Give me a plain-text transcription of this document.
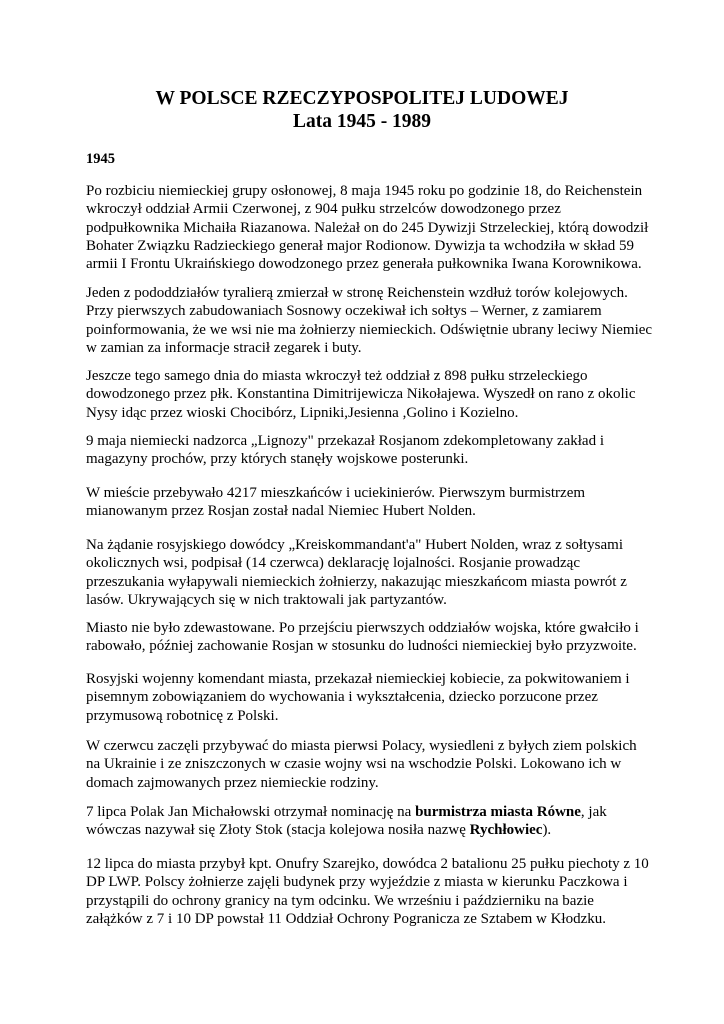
W POLSCE RZECZYPOSPOLITEJ LUDOWEJ
Lata 1945 - 1989
1945

Po rozbiciu niemieckiej grupy osłonowej, 8 maja 1945 roku po godzinie 18, do Reichenstein
wkroczył oddział Armii Czerwonej, z 904 pułku strzelców dowodzonego przez
podpułkownika Michaiła Riazanowa. Należał on do 245 Dywizji Strzeleckiej, którą dowodził
Bohater Związku Radzieckiego generał major Rodionow. Dywizja ta wchodziła w skład 59
armii I Frontu Ukraińskiego dowodzonego przez generała pułkownika Iwana Korownikowa.

Jeden z pododdziałów tyralierą zmierzał w stronę Reichenstein wzdłuż torów kolejowych.
Przy pierwszych zabudowaniach Sosnowy oczekiwał ich sołtys – Werner, z zamiarem
poinformowania, że we wsi nie ma żołnierzy niemieckich. Odświętnie ubrany leciwy Niemiec
w zamian za informacje stracił zegarek i buty.

Jeszcze tego samego dnia do miasta wkroczył też oddział z 898 pułku strzeleckiego
dowodzonego przez płk. Konstantina Dimitrijewicza Nikołajewa. Wyszedł on rano z okolic
Nysy idąc przez wioski Chocibórz, Lipniki,Jesienna ,Golino i Kozielno.

9 maja niemiecki nadzorca „Lignozy" przekazał Rosjanom zdekompletowany zakład i
magazyny prochów, przy których stanęły wojskowe posterunki.

W mieście przebywało 4217 mieszkańców i uciekinierów. Pierwszym burmistrzem
mianowanym przez Rosjan został nadal Niemiec Hubert Nolden.

Na żądanie rosyjskiego dowódcy „Kreiskommandant'a" Hubert Nolden, wraz z sołtysami
okolicznych wsi, podpisał (14 czerwca) deklarację lojalności. Rosjanie prowadząc
przeszukania wyłapywali niemieckich żołnierzy, nakazując mieszkańcom miasta powrót z
lasów. Ukrywających się w nich traktowali jak partyzantów.

Miasto nie było zdewastowane. Po przejściu pierwszych oddziałów wojska, które gwałciło i
rabowało, później zachowanie Rosjan w stosunku do ludności niemieckiej było przyzwoite.

Rosyjski wojenny komendant miasta, przekazał niemieckiej kobiecie, za pokwitowaniem i
pisemnym zobowiązaniem do wychowania i wykształcenia, dziecko porzucone przez
przymusową robotnicę z Polski.

W czerwcu zaczęli przybywać do miasta pierwsi Polacy, wysiedleni z byłych ziem polskich
na Ukrainie i ze zniszczonych w czasie wojny wsi na wschodzie Polski. Lokowano ich w
domach zajmowanych przez niemieckie rodziny.

7 lipca Polak Jan Michałowski otrzymał nominację na burmistrza miasta Równe, jak
wówczas nazywał się Złoty Stok (stacja kolejowa nosiła nazwę Rychłowiec).

12 lipca do miasta przybył kpt. Onufry Szarejko, dowódca 2 batalionu 25 pułku piechoty z 10
DP LWP. Polscy żołnierze zajęli budynek przy wyjeździe z miasta w kierunku Paczkowa i
przystąpili do ochrony granicy na tym odcinku. We wrześniu i październiku na bazie
załążków z 7 i 10 DP powstał 11 Oddział Ochrony Pogranicza ze Sztabem w Kłodzku.
